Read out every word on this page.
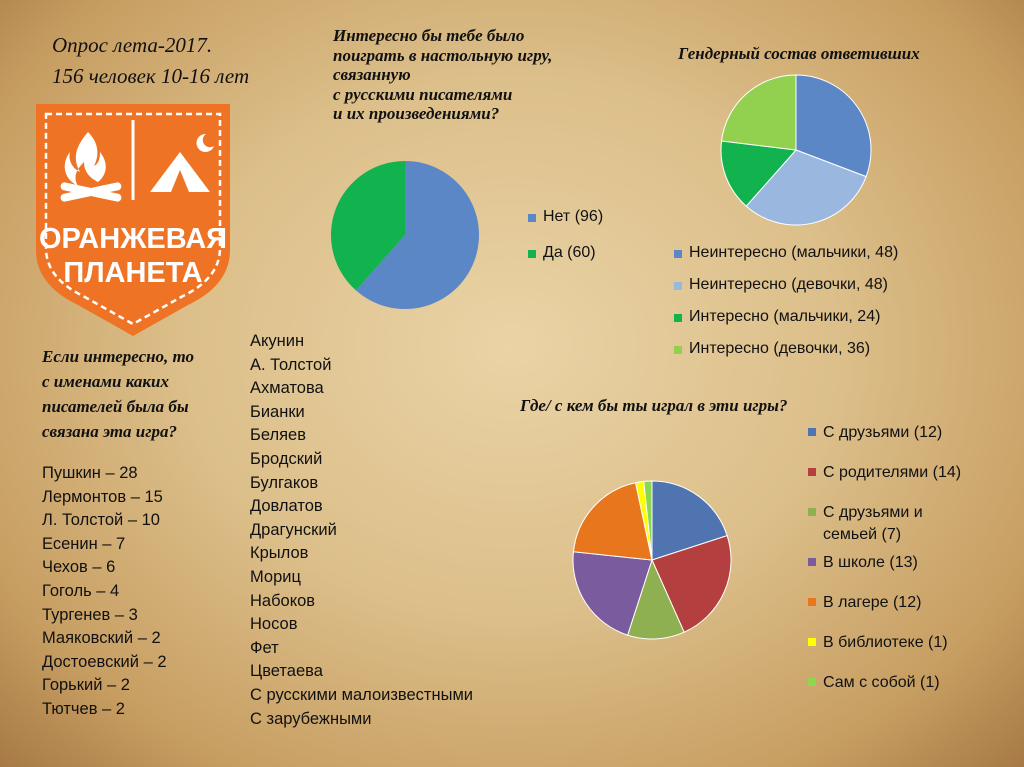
Опрос лета-2017.
156 человек 10-16 лет
ОРАНЖЕВАЯ
ПЛАНЕТА
Интересно бы тебе было
поиграть в настольную игру,
связанную
с русскими писателями
и их произведениями?
Нет (96)
Да (60)
Гендерный состав ответивших
Неинтересно (мальчики, 48)
Неинтересно (девочки, 48)
Интересно (мальчики, 24)
Интересно (девочки, 36)
Если интересно, то
с именами каких
писателей была бы
связана эта игра?
Пушкин – 28
Лермонтов – 15
Л. Толстой – 10
Есенин – 7
Чехов – 6
Гоголь – 4
Тургенев – 3
Маяковский – 2
Достоевский – 2
Горький – 2
Тютчев – 2
Акунин
А. Толстой
Ахматова
Бианки
Беляев
Бродский
Булгаков
Довлатов
Драгунский
Крылов
Мориц
Набоков
Носов
Фет
Цветаева
С русскими малоизвестными
С зарубежными
Где/ с кем бы ты играл в эти игры?
С друзьями (12)
С родителями (14)
С друзьями и
семьей (7)
В школе (13)
В лагере (12)
В библиотеке (1)
Сам с собой (1)
